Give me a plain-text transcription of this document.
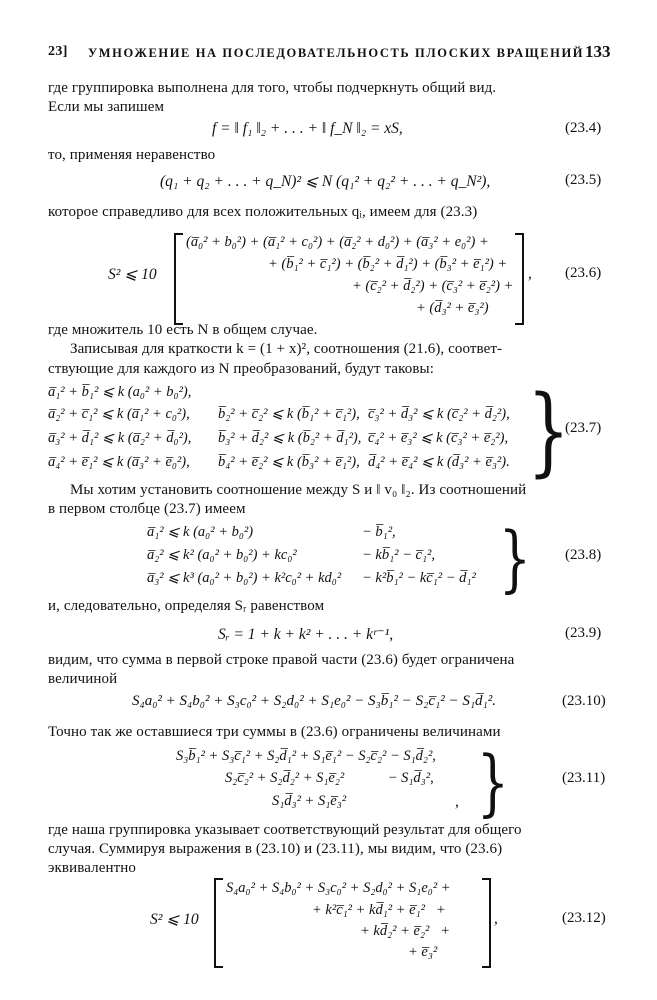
23] УМНОЖЕНИЕ НА ПОСЛЕДОВАТЕЛЬНОСТЬ ПЛОСКИХ ВРАЩЕНИЙ 133
где группировка выполнена для того, чтобы подчеркнуть общий вид.
Если мы запишем
f = ‖ f₁ ‖₂ + . . . + ‖ f_N ‖₂ = xS,	(23.4)
то, применяя неравенство
(q₁ + q₂ + . . . + q_N)² ⩽ N (q₁² + q₂² + . . . + q_N²),	(23.5)
которое справедливо для всех положительных qᵢ, имеем для (23.3)
S² ⩽ 10
(a̅₀² + b₀²) + (a̅₁² + c₀²) + (a̅₂² + d₀²) + (a̅₃² + e₀²) +
+ (b̅₁² + c̅₁²) + (b̅₂² + d̅₁²) + (b̅₃² + e̅₁²) +
+ (c̅₂² + d̅₂²) + (c̅₃² + e̅₂²) +
+ (d̅₃² + e̅₃²)
, (23.6)
где множитель 10 есть N в общем случае.
Записывая для краткости k = (1 + x)², соотношения (21.6), соответ-
ствующие для каждого из N преобразований, будут таковы:
a̅₁² + b̅₁² ⩽ k (a₀² + b₀²),
a̅₂² + c̅₁² ⩽ k (a̅₁² + c₀²), b̅₂² + c̅₂² ⩽ k (b̅₁² + c̅₁²), c̅₃² + d̅₃² ⩽ k (c̅₂² + d̅₂²),
a̅₃² + d̅₁² ⩽ k (a̅₂² + d̅₀²), b̅₃² + d̅₂² ⩽ k (b̅₂² + d̅₁²), c̅₄² + e̅₃² ⩽ k (c̅₃² + e̅₂²),
a̅₄² + e̅₁² ⩽ k (a̅₃² + e̅₀²), b̅₄² + e̅₂² ⩽ k (b̅₃² + e̅₁²), d̅₄² + e̅₄² ⩽ k (d̅₃² + e̅₃²). }
(23.7)
Мы хотим установить соотношение между S и ‖ v₀ ‖₂. Из соотношений
в первом столбце (23.7) имеем
a̅₁² ⩽ k (a₀² + b₀²)	− b̅₁²,
a̅₂² ⩽ k² (a₀² + b₀²) + kc₀²	− kb̅₁² − c̅₁²,
a̅₃² ⩽ k³ (a₀² + b₀²) + k²c₀² + kd₀² − k²b̅₁² − kc̅₁² − d̅₁² } (23.8)
и, следовательно, определяя Sᵣ равенством
Sᵣ = 1 + k + k² + . . . + kʳ⁻¹,	(23.9)
видим, что сумма в первой строке правой части (23.6) будет ограничена
величиной
S₄a₀² + S₄b₀² + S₃c₀² + S₂d₀² + S₁e₀² − S₃b̅₁² − S₂c̅₁² − S₁d̅₁².	(23.10)
Точно так же оставшиеся три суммы в (23.6) ограничены величинами
S₃b̅₁² + S₃c̅₁² + S₂d̅₁² + S₁e̅₁² − S₂c̅₂² − S₁d̅₂²,
S₂c̅₂² + S₂d̅₂² + S₁e̅₂²            − S₁d̅₃²,
S₁d̅₃² + S₁e̅₃²	, }	(23.11)
где наша группировка указывает соответствующий результат для общего
случая. Суммируя выражения в (23.10) и (23.11), мы видим, что (23.6)
эквивалентно
S² ⩽ 10
S₄a₀² + S₄b₀² + S₃c₀² + S₂d₀² + S₁e₀² +
+ k²c̅₁² + kd̅₁² + e̅₁²   +
+ kd̅₂² + e̅₂²   +
+ e̅₃²
,	(23.12)
